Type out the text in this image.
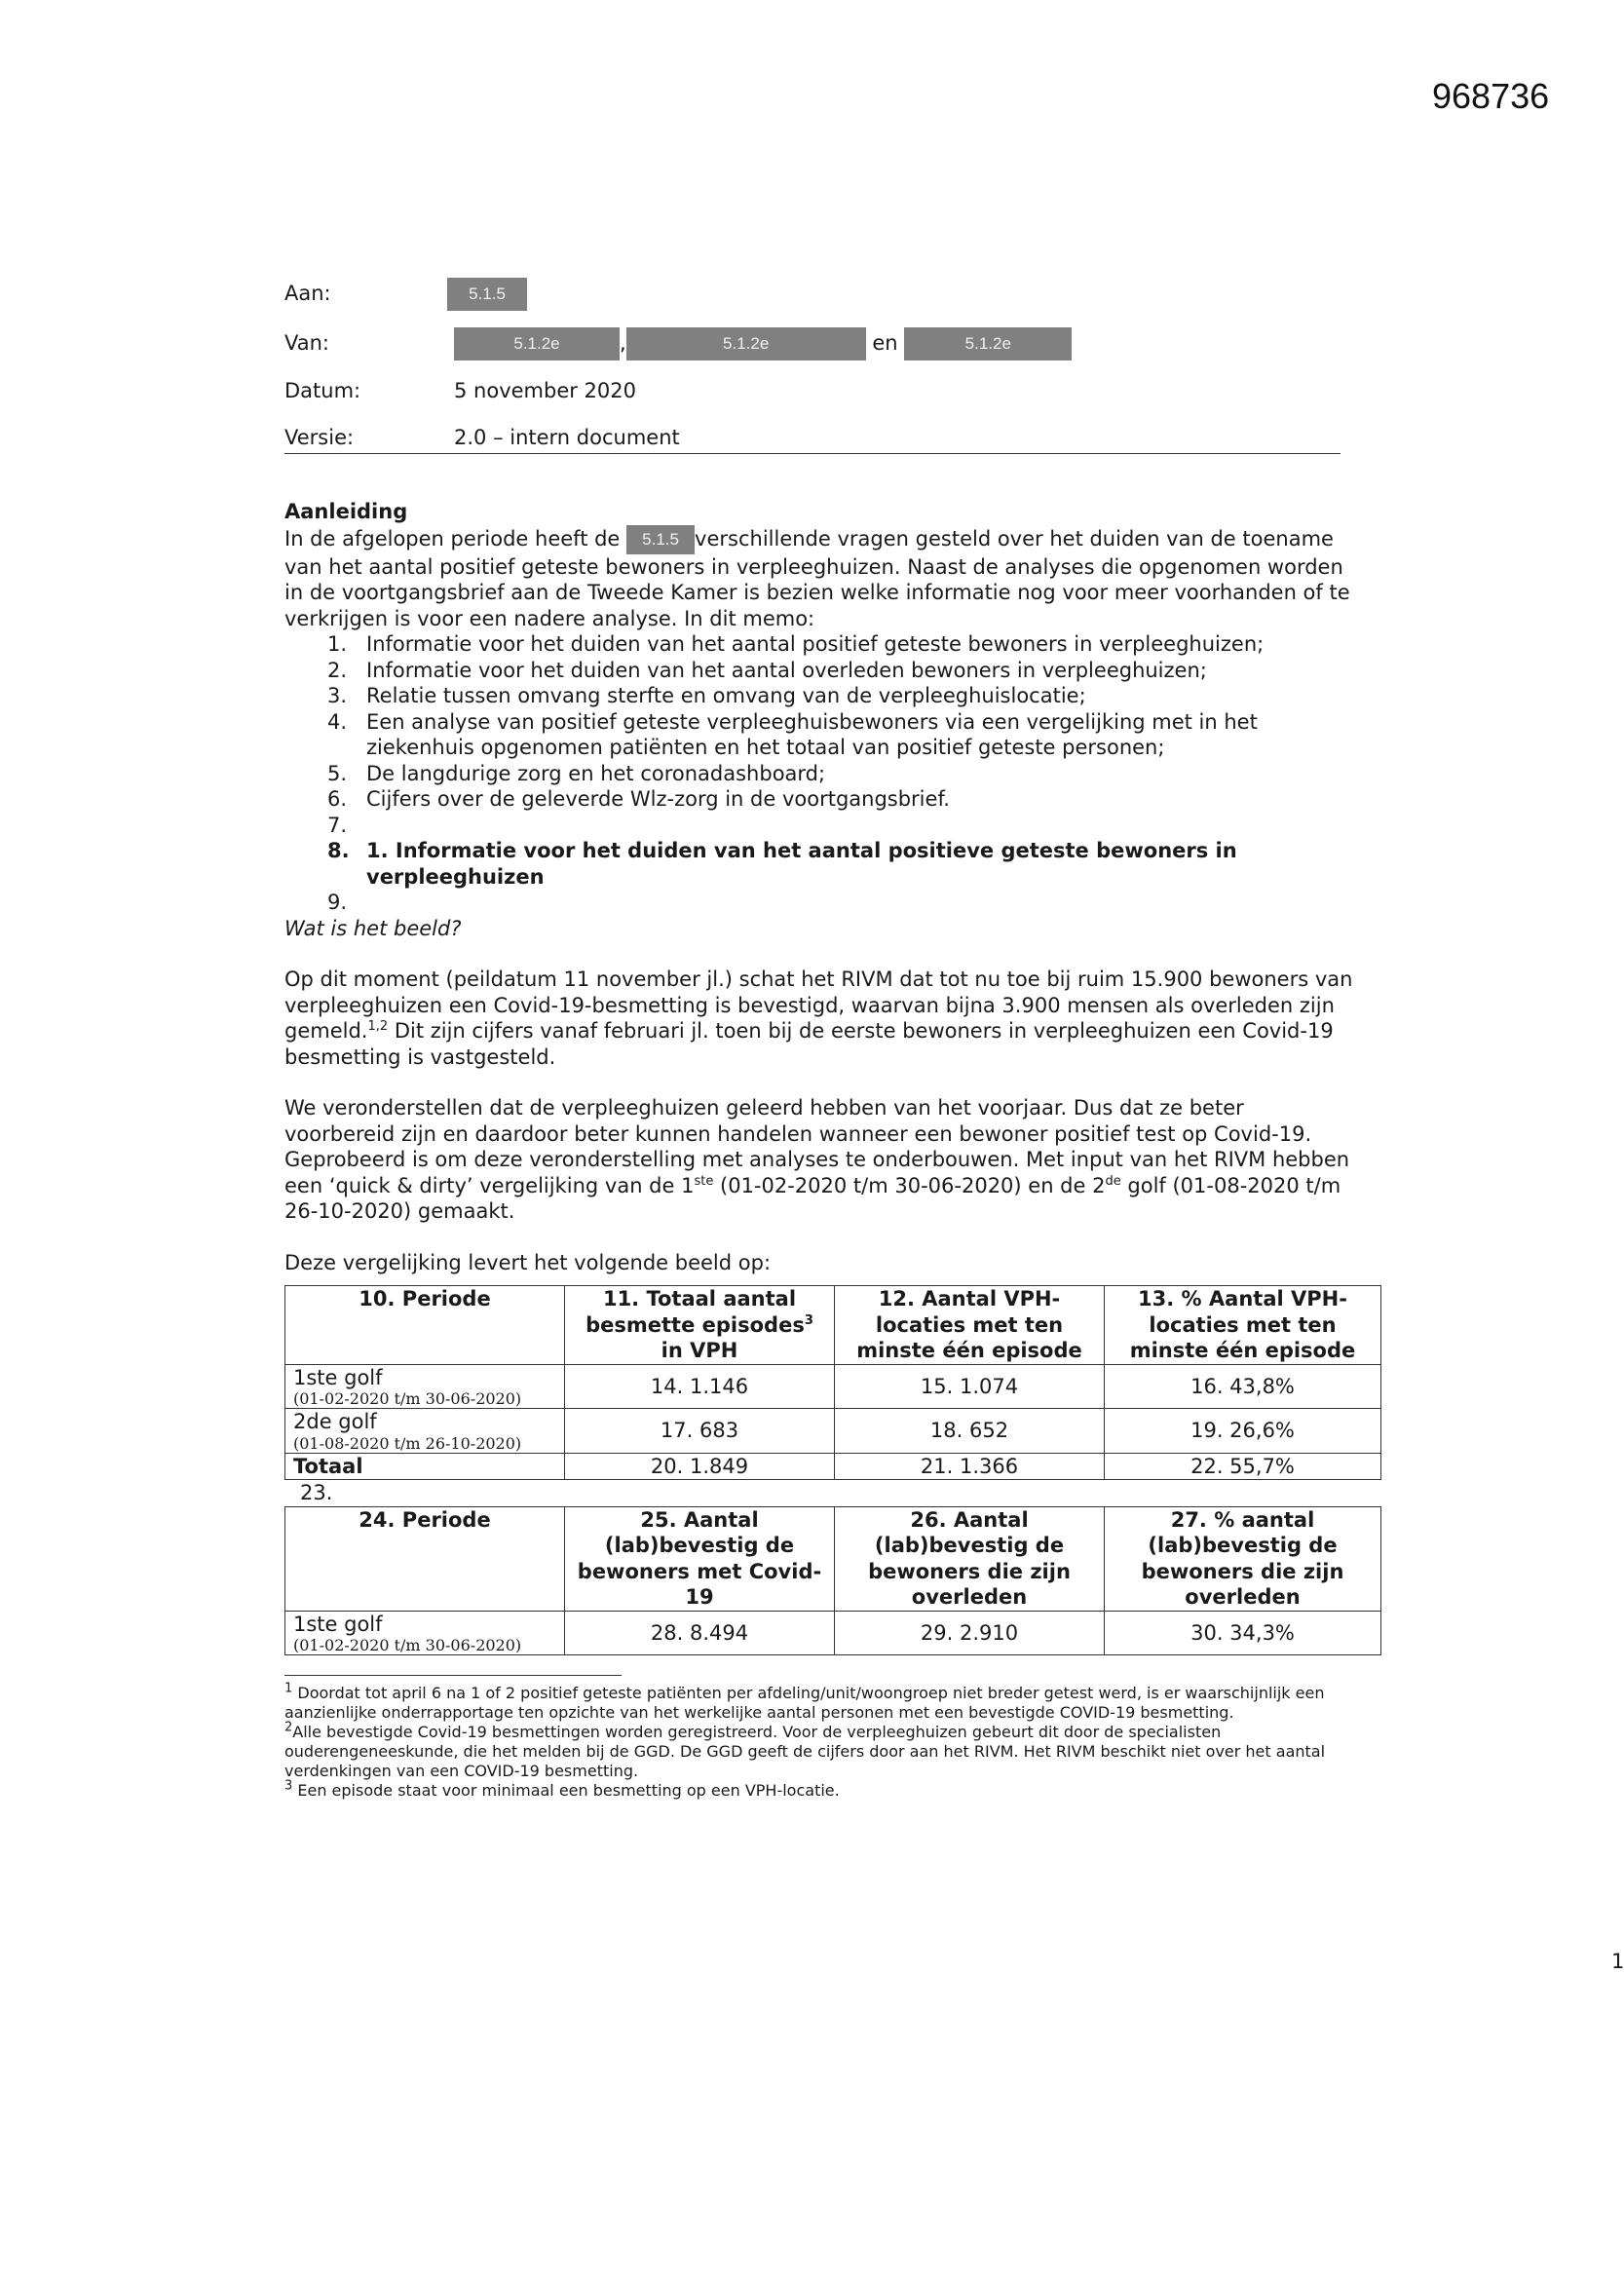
968736
Aan:	5.1.5
Van:	5.1.2e	,	5.1.2e	en	5.1.2e
Datum:	5 november 2020
Versie:	2.0 – intern document

Aanleiding

In de afgelopen periode heeft de 5.1.5 verschillende vragen gesteld over het duiden van de toename van het aantal positief geteste bewoners in verpleeghuizen. Naast de analyses die opgenomen worden in de voortgangsbrief aan de Tweede Kamer is bezien welke informatie nog voor meer voorhanden of te verkrijgen is voor een nadere analyse. In dit memo:

1. Informatie voor het duiden van het aantal positief geteste bewoners in verpleeghuizen;
2. Informatie voor het duiden van het aantal overleden bewoners in verpleeghuizen;
3. Relatie tussen omvang sterfte en omvang van de verpleeghuislocatie;
4. Een analyse van positief geteste verpleeghuisbewoners via een vergelijking met in het ziekenhuis opgenomen patiënten en het totaal van positief geteste personen;
5. De langdurige zorg en het coronadashboard;
6. Cijfers over de geleverde Wlz-zorg in de voortgangsbrief.
7.
8. 1. Informatie voor het duiden van het aantal positieve geteste bewoners in verpleeghuizen
9.

Wat is het beeld?

Op dit moment (peildatum 11 november jl.) schat het RIVM dat tot nu toe bij ruim 15.900 bewoners van verpleeghuizen een Covid-19-besmetting is bevestigd, waarvan bijna 3.900 mensen als overleden zijn gemeld.$^{1,2}$ Dit zijn cijfers vanaf februari jl. toen bij de eerste bewoners in verpleeghuizen een Covid-19 besmetting is vastgesteld.

We veronderstellen dat de verpleeghuizen geleerd hebben van het voorjaar. Dus dat ze beter voorbereid zijn en daardoor beter kunnen handelen wanneer een bewoner positief test op Covid-19. Geprobeerd is om deze veronderstelling met analyses te onderbouwen. Met input van het RIVM hebben een ‘quick & dirty’ vergelijking van de 1ste (01-02-2020 t/m 30-06-2020) en de 2de golf (01-08-2020 t/m 26-10-2020) gemaakt.

Deze vergelijking levert het volgende beeld op:

10. Periode	11. Totaal aantal besmette episodes$^3$ in VPH	12. Aantal VPH-locaties met ten minste één episode	13. % Aantal VPH-locaties met ten minste één episode
1ste golf
(01-02-2020 t/m 30-06-2020)	14. 1.146	15. 1.074	16. 43,8%
2de golf
(01-08-2020 t/m 26-10-2020)	17. 683	18. 652	19. 26,6%
Totaal	20. 1.849	21. 1.366	22. 55,7%

23.

24. Periode	25. Aantal (lab)bevestig de bewoners met Covid-19	26. Aantal (lab)bevestig de bewoners die zijn overleden	27. % aantal (lab)bevestig de bewoners die zijn overleden
1ste golf
(01-02-2020 t/m 30-06-2020)	28. 8.494	29. 2.910	30. 34,3%

$^1$ Doordat tot april 6 na 1 of 2 positief geteste patiënten per afdeling/unit/woongroep niet breder getest werd, is er waarschijnlijk een aanzienlijke onderrapportage ten opzichte van het werkelijke aantal personen met een bevestigde COVID-19 besmetting.

$^2$Alle bevestigde Covid-19 besmettingen worden geregistreerd. Voor de verpleeghuizen gebeurt dit door de specialisten ouderengeneeskunde, die het melden bij de GGD. De GGD geeft de cijfers door aan het RIVM. Het RIVM beschikt niet over het aantal verdenkingen van een COVID-19 besmetting.

$^3$ Een episode staat voor minimaal een besmetting op een VPH-locatie.

1
